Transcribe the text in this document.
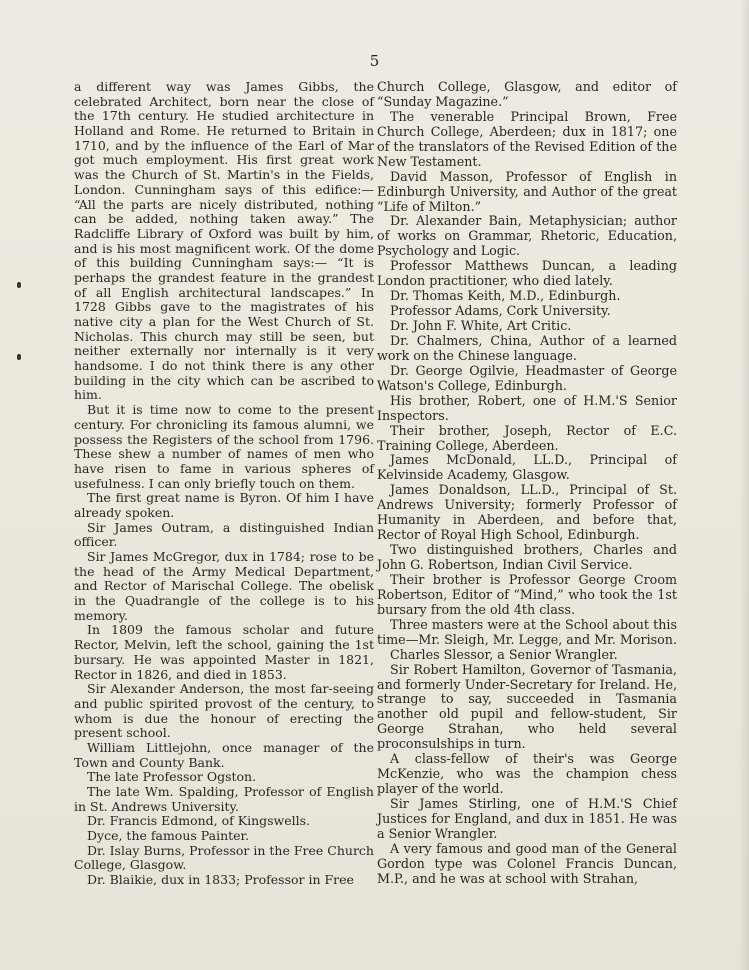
5

a different way was James Gibbs, the celebrated Architect, born near the close of the 17th century. He studied architecture in Holland and Rome. He returned to Britain in 1710, and by the influence of the Earl of Mar got much employment. His first great work was the Church of St. Martin's in the Fields, London. Cunningham says of this edifice:— “All the parts are nicely distributed, nothing can be added, nothing taken away.” The Radcliffe Library of Oxford was built by him, and is his most magnificent work. Of the dome of this building Cunningham says:— “It is perhaps the grandest feature in the grandest of all English architectural landscapes.” In 1728 Gibbs gave to the magistrates of his native city a plan for the West Church of St. Nicholas. This church may still be seen, but neither externally nor internally is it very handsome. I do not think there is any other building in the city which can be ascribed to him.

But it is time now to come to the present century. For chronicling its famous alumni, we possess the Registers of the school from 1796. These shew a number of names of men who have risen to fame in various spheres of usefulness. I can only briefly touch on them.

The first great name is Byron. Of him I have already spoken.

Sir James Outram, a distinguished Indian officer.

Sir James McGregor, dux in 1784; rose to be the head of the Army Medical Department, and Rector of Marischal College. The obelisk in the Quadrangle of the college is to his memory.

In 1809 the famous scholar and future Rector, Melvin, left the school, gaining the 1st bursary. He was appointed Master in 1821, Rector in 1826, and died in 1853.

Sir Alexander Anderson, the most far-seeing and public spirited provost of the century, to whom is due the honour of erecting the present school.

William Littlejohn, once manager of the Town and County Bank.

The late Professor Ogston.

The late Wm. Spalding, Professor of English in St. Andrews University.

Dr. Francis Edmond, of Kingswells.

Dyce, the famous Painter.

Dr. Islay Burns, Professor in the Free Church College, Glasgow.

Dr. Blaikie, dux in 1833; Professor in Free

Church College, Glasgow, and editor of “Sunday Magazine.”

The venerable Principal Brown, Free Church College, Aberdeen; dux in 1817; one of the translators of the Revised Edition of the New Testament.

David Masson, Professor of English in Edinburgh University, and Author of the great “Life of Milton.”

Dr. Alexander Bain, Metaphysician; author of works on Grammar, Rhetoric, Education, Psychology and Logic.

Professor Matthews Duncan, a leading London practitioner, who died lately.

Dr. Thomas Keith, M.D., Edinburgh.

Professor Adams, Cork University.

Dr. John F. White, Art Critic.

Dr. Chalmers, China, Author of a learned work on the Chinese language.

Dr. George Ogilvie, Headmaster of George Watson's College, Edinburgh.

His brother, Robert, one of H.M.'S Senior Inspectors.

Their brother, Joseph, Rector of E.C. Training College, Aberdeen.

James McDonald, LL.D., Principal of Kelvinside Academy, Glasgow.

James Donaldson, LL.D., Principal of St. Andrews University; formerly Professor of Humanity in Aberdeen, and before that, Rector of Royal High School, Edinburgh.

Two distinguished brothers, Charles and John G. Robertson, Indian Civil Service.

Their brother is Professor George Croom Robertson, Editor of “Mind,” who took the 1st bursary from the old 4th class.

Three masters were at the School about this time—Mr. Sleigh, Mr. Legge, and Mr. Morison.

Charles Slessor, a Senior Wrangler.

Sir Robert Hamilton, Governor of Tasmania, and formerly Under-Secretary for Ireland. He, strange to say, succeeded in Tasmania another old pupil and fellow-student, Sir George Strahan, who held several proconsulships in turn.

A class-fellow of their's was George McKenzie, who was the champion chess player of the world.

Sir James Stirling, one of H.M.'S Chief Justices for England, and dux in 1851. He was a Senior Wrangler.

A very famous and good man of the General Gordon type was Colonel Francis Duncan, M.P., and he was at school with Strahan,
